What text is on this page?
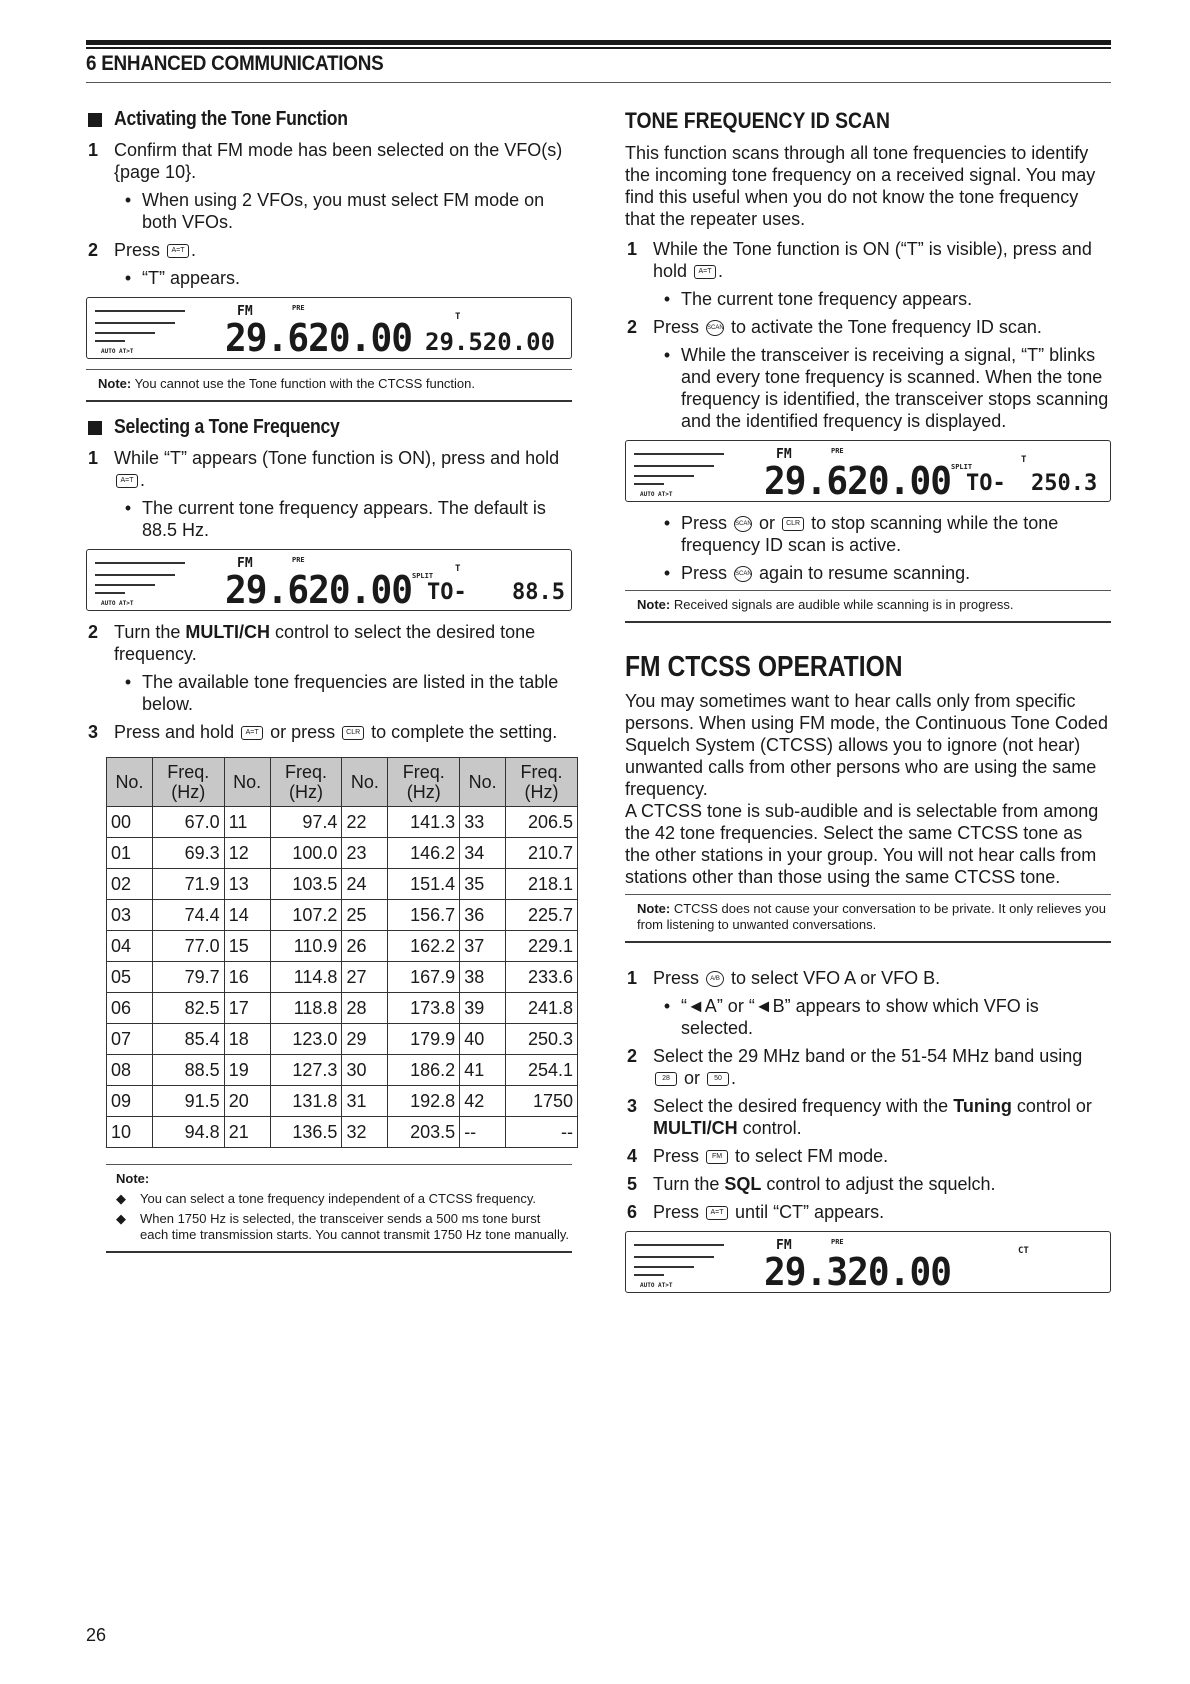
6 ENHANCED COMMUNICATIONS
Activating the Tone Function
1 Confirm that FM mode has been selected on the VFO(s) {page 10}.
• When using 2 VFOs, you must select FM mode on both VFOs.
2 Press A=T .
• “T” appears.
FM	PRE
T
29.620.00 29.520.00
AUTO AT>T
Note: You cannot use the Tone function with the CTCSS function.
Selecting a Tone Frequency
1 While “T” appears (Tone function is ON), press and hold A=T .
• The current tone frequency appears. The default is 88.5 Hz.
FM	PRE
T
29.620.00 SPLIT
TO- 88.5
AUTO AT>T
2 Turn the MULTI/CH control to select the desired tone frequency.
• The available tone frequencies are listed in the table below.
3 Press and hold A=T or press CLR to complete the setting.
No.	Freq. (Hz)	No.	Freq. (Hz)	No.	Freq. (Hz)	No.	Freq. (Hz)
00	67.0	11	97.4	22	141.3	33	206.5
01	69.3	12	100.0	23	146.2	34	210.7
02	71.9	13	103.5	24	151.4	35	218.1
03	74.4	14	107.2	25	156.7	36	225.7
04	77.0	15	110.9	26	162.2	37	229.1
05	79.7	16	114.8	27	167.9	38	233.6
06	82.5	17	118.8	28	173.8	39	241.8
07	85.4	18	123.0	29	179.9	40	250.3
08	88.5	19	127.3	30	186.2	41	254.1
09	91.5	20	131.8	31	192.8	42	1750
10	94.8	21	136.5	32	203.5	--	--
Note:
◆	You can select a tone frequency independent of a CTCSS frequency.
◆	When 1750 Hz is selected, the transceiver sends a 500 ms tone burst each time transmission starts. You cannot transmit 1750 Hz tone manually.
TONE FREQUENCY ID SCAN

This function scans through all tone frequencies to identify the incoming tone frequency on a received signal. You may find this useful when you do not know the tone frequency that the repeater uses.

1 While the Tone function is ON (“T” is visible), press and hold A=T .
• The current tone frequency appears.
2 Press SCAN to activate the Tone frequency ID scan.
• While the transceiver is receiving a signal, “T” blinks and every tone frequency is scanned. When the tone frequency is identified, the transceiver stops scanning and the identified frequency is displayed.
FM	PRE
T
29.620.00 SPLIT
TO- 250.3
AUTO AT>T
• Press SCAN or CLR to stop scanning while the tone frequency ID scan is active.
• Press SCAN again to resume scanning.
Note: Received signals are audible while scanning is in progress.
FM CTCSS OPERATION

You may sometimes want to hear calls only from specific persons. When using FM mode, the Continuous Tone Coded Squelch System (CTCSS) allows you to ignore (not hear) unwanted calls from other persons who are using the same frequency.

A CTCSS tone is sub-audible and is selectable from among the 42 tone frequencies. Select the same CTCSS tone as the other stations in your group. You will not hear calls from stations other than those using the same CTCSS tone.

Note: CTCSS does not cause your conversation to be private. It only relieves you from listening to unwanted conversations.
1 Press A/B to select VFO A or VFO B.
• “◄A” or “◄B” appears to show which VFO is selected.
2 Select the 29 MHz band or the 51-54 MHz band using 28 or 50 .
3 Select the desired frequency with the Tuning control or MULTI/CH control.
4 Press FM to select FM mode.
5 Turn the SQL control to adjust the squelch.
6 Press A=T until “CT” appears.
FM	PRE
CT
29.320.00
AUTO AT>T
26
